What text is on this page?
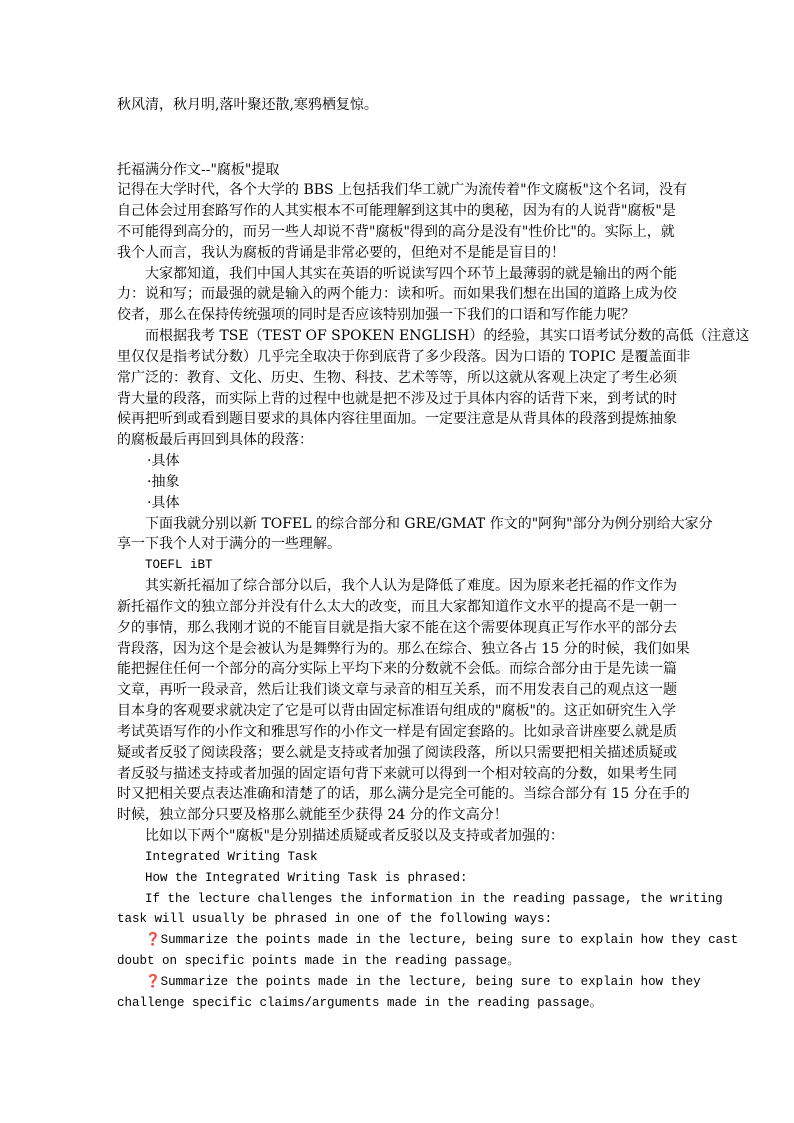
秋风清，秋月明,落叶聚还散,寒鸦栖复惊。
托福满分作文--"腐板"提取
记得在大学时代，各个大学的 BBS 上包括我们华工就广为流传着"作文腐板"这个名词，没有
自己体会过用套路写作的人其实根本不可能理解到这其中的奥秘，因为有的人说背"腐板"是
不可能得到高分的，而另一些人却说不背"腐板"得到的高分是没有"性价比"的。实际上，就
我个人而言，我认为腐板的背诵是非常必要的，但绝对不是能是盲目的！
大家都知道，我们中国人其实在英语的听说读写四个环节上最薄弱的就是输出的两个能
力：说和写；而最强的就是输入的两个能力：读和听。而如果我们想在出国的道路上成为佼
佼者，那么在保持传统强项的同时是否应该特别加强一下我们的口语和写作能力呢？
而根据我考 TSE（TEST OF SPOKEN ENGLISH）的经验，其实口语考试分数的高低（注意这
里仅仅是指考试分数）几乎完全取决于你到底背了多少段落。因为口语的 TOPIC 是覆盖面非
常广泛的：教育、文化、历史、生物、科技、艺术等等，所以这就从客观上决定了考生必须
背大量的段落，而实际上背的过程中也就是把不涉及过于具体内容的话背下来，到考试的时
候再把听到或看到题目要求的具体内容往里面加。一定要注意是从背具体的段落到提炼抽象
的腐板最后再回到具体的段落：
·具体
·抽象
·具体
下面我就分别以新 TOFEL 的综合部分和 GRE/GMAT 作文的"阿狗"部分为例分别给大家分
享一下我个人对于满分的一些理解。
TOEFL iBT
其实新托福加了综合部分以后，我个人认为是降低了难度。因为原来老托福的作文作为
新托福作文的独立部分并没有什么太大的改变，而且大家都知道作文水平的提高不是一朝一
夕的事情，那么我刚才说的不能盲目就是指大家不能在这个需要体现真正写作水平的部分去
背段落，因为这个是会被认为是舞弊行为的。那么在综合、独立各占 15 分的时候，我们如果
能把握住任何一个部分的高分实际上平均下来的分数就不会低。而综合部分由于是先读一篇
文章，再听一段录音，然后让我们谈文章与录音的相互关系，而不用发表自己的观点这一题
目本身的客观要求就决定了它是可以背由固定标准语句组成的"腐板"的。这正如研究生入学
考试英语写作的小作文和雅思写作的小作文一样是有固定套路的。比如录音讲座要么就是质
疑或者反驳了阅读段落；要么就是支持或者加强了阅读段落，所以只需要把相关描述质疑或
者反驳与描述支持或者加强的固定语句背下来就可以得到一个相对较高的分数，如果考生同
时又把相关要点表达准确和清楚了的话，那么满分是完全可能的。当综合部分有 15 分在手的
时候，独立部分只要及格那么就能至少获得 24 分的作文高分！
比如以下两个"腐板"是分别描述质疑或者反驳以及支持或者加强的：
Integrated Writing Task
How the Integrated Writing Task is phrased:
If the lecture challenges the information in the reading passage, the writing
task will usually be phrased in one of the following ways:
❓Summarize the points made in the lecture, being sure to explain how they cast
doubt on specific points made in the reading passage。
❓Summarize the points made in the lecture, being sure to explain how they
challenge specific claims/arguments made in the reading passage。
